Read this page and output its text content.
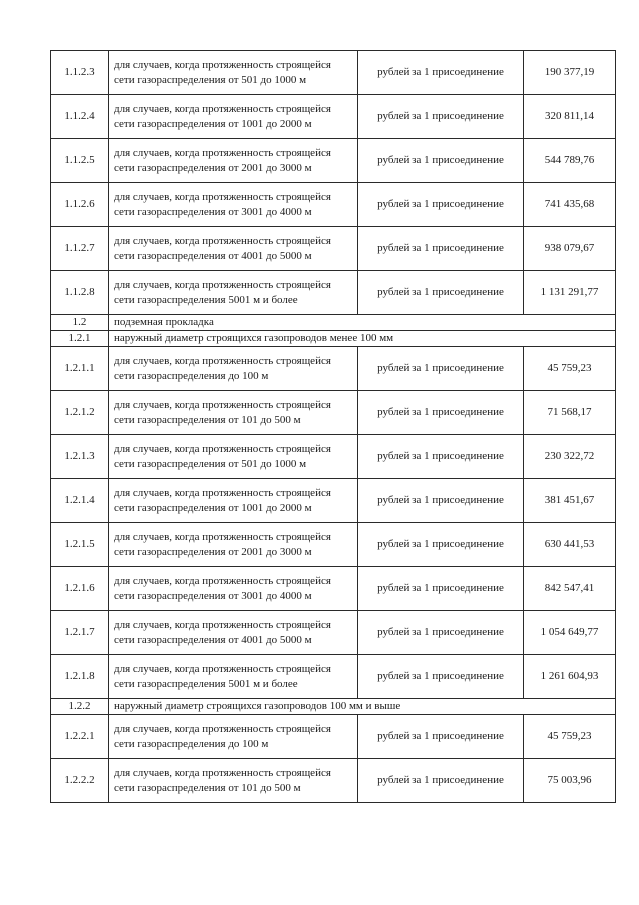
1.1.2.3	для случаев, когда протяженность строящейся сети газораспределения от 501 до 1000 м	рублей за 1 присоединение	190 377,19
1.1.2.4	для случаев, когда протяженность строящейся сети газораспределения от 1001 до 2000 м	рублей за 1 присоединение	320 811,14
1.1.2.5	для случаев, когда протяженность строящейся сети газораспределения от 2001 до 3000 м	рублей за 1 присоединение	544 789,76
1.1.2.6	для случаев, когда протяженность строящейся сети газораспределения от 3001 до 4000 м	рублей за 1 присоединение	741 435,68
1.1.2.7	для случаев, когда протяженность строящейся сети газораспределения от 4001 до 5000 м	рублей за 1 присоединение	938 079,67
1.1.2.8	для случаев, когда протяженность строящейся сети газораспределения 5001 м и более	рублей за 1 присоединение	1 131 291,77
1.2	подземная прокладка		
1.2.1	наружный диаметр строящихся газопроводов менее 100 мм		
1.2.1.1	для случаев, когда протяженность строящейся сети газораспределения до 100 м	рублей за 1 присоединение	45 759,23
1.2.1.2	для случаев, когда протяженность строящейся сети газораспределения от 101 до 500 м	рублей за 1 присоединение	71 568,17
1.2.1.3	для случаев, когда протяженность строящейся сети газораспределения от 501 до 1000 м	рублей за 1 присоединение	230 322,72
1.2.1.4	для случаев, когда протяженность строящейся сети газораспределения от 1001 до 2000 м	рублей за 1 присоединение	381 451,67
1.2.1.5	для случаев, когда протяженность строящейся сети газораспределения от 2001 до 3000 м	рублей за 1 присоединение	630 441,53
1.2.1.6	для случаев, когда протяженность строящейся сети газораспределения от 3001 до 4000 м	рублей за 1 присоединение	842 547,41
1.2.1.7	для случаев, когда протяженность строящейся сети газораспределения от 4001 до 5000 м	рублей за 1 присоединение	1 054 649,77
1.2.1.8	для случаев, когда протяженность строящейся сети газораспределения 5001 м и более	рублей за 1 присоединение	1 261 604,93
1.2.2	наружный диаметр строящихся газопроводов 100 мм и выше		
1.2.2.1	для случаев, когда протяженность строящейся сети газораспределения до 100 м	рублей за 1 присоединение	45 759,23
1.2.2.2	для случаев, когда протяженность строящейся сети газораспределения от 101 до 500 м	рублей за 1 присоединение	75 003,96
